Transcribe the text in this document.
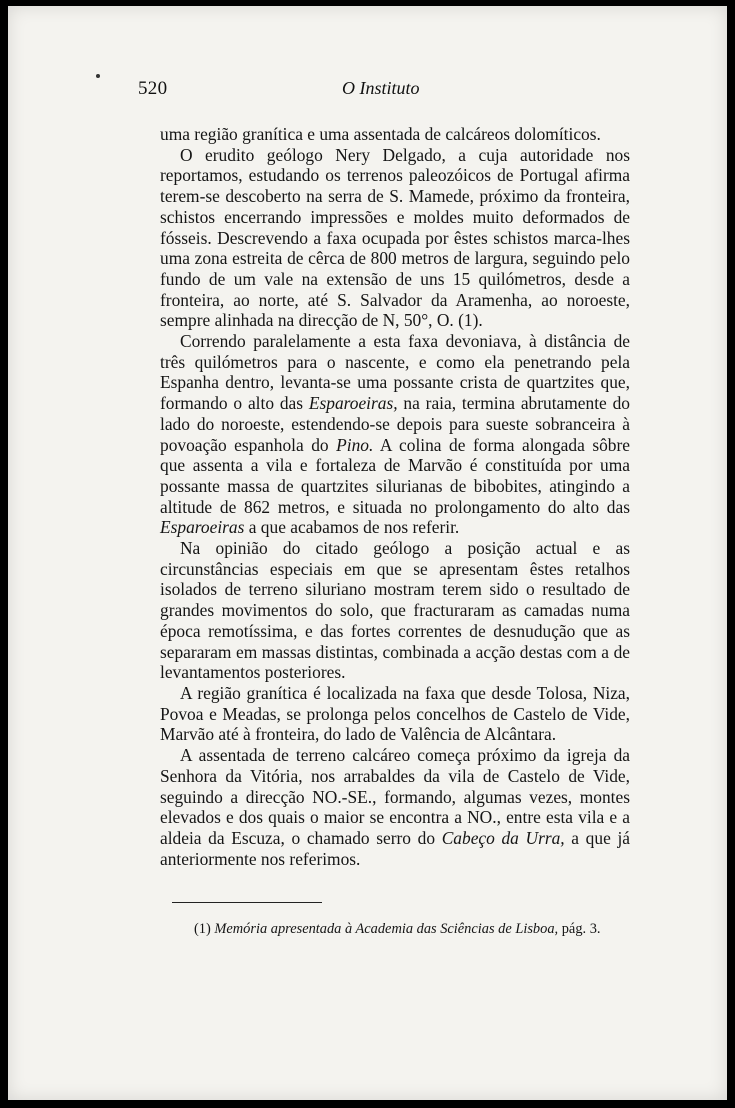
520	O Instituto

uma região granítica e uma assentada de calcáreos dolomíticos.

O erudito geólogo Nery Delgado, a cuja autoridade nos reportamos, estudando os terrenos paleozóicos de Portugal afirma terem-se descoberto na serra de S. Mamede, próximo da fronteira, schistos encerrando impressões e moldes muito deformados de fósseis. Descrevendo a faxa ocupada por êstes schistos marca-lhes uma zona estreita de cêrca de 800 metros de largura, seguindo pelo fundo de um vale na extensão de uns 15 quilómetros, desde a fronteira, ao norte, até S. Salvador da Aramenha, ao noroeste, sempre alinhada na direcção de N, 50°, O. (1).

Correndo paralelamente a esta faxa devoniava, à distância de três quilómetros para o nascente, e como ela penetrando pela Espanha dentro, levanta-se uma possante crista de quartzites que, formando o alto das Esparoeiras, na raia, termina abrutamente do lado do noroeste, estendendo-se depois para sueste sobranceira à povoação espanhola do Pino. A colina de forma alongada sôbre que assenta a vila e fortaleza de Marvão é constituída por uma possante massa de quartzites silurianas de bibobites, atingindo a altitude de 862 metros, e situada no prolongamento do alto das Esparoeiras a que acabamos de nos referir.

Na opinião do citado geólogo a posição actual e as circunstâncias especiais em que se apresentam êstes retalhos isolados de terreno siluriano mostram terem sido o resultado de grandes movimentos do solo, que fracturaram as camadas numa época remotíssima, e das fortes correntes de desnudução que as separaram em massas distintas, combinada a acção destas com a de levantamentos posteriores.

A região granítica é localizada na faxa que desde Tolosa, Niza, Povoa e Meadas, se prolonga pelos concelhos de Castelo de Vide, Marvão até à fronteira, do lado de Valência de Alcântara.

A assentada de terreno calcáreo começa próximo da igreja da Senhora da Vitória, nos arrabaldes da vila de Castelo de Vide, seguindo a direcção NO.-SE., formando, algumas vezes, montes elevados e dos quais o maior se encontra a NO., entre esta vila e a aldeia da Escuza, o chamado serro do Cabeço da Urra, a que já anteriormente nos referimos.

(1) Memória apresentada à Academia das Sciências de Lisboa, pág. 3.
